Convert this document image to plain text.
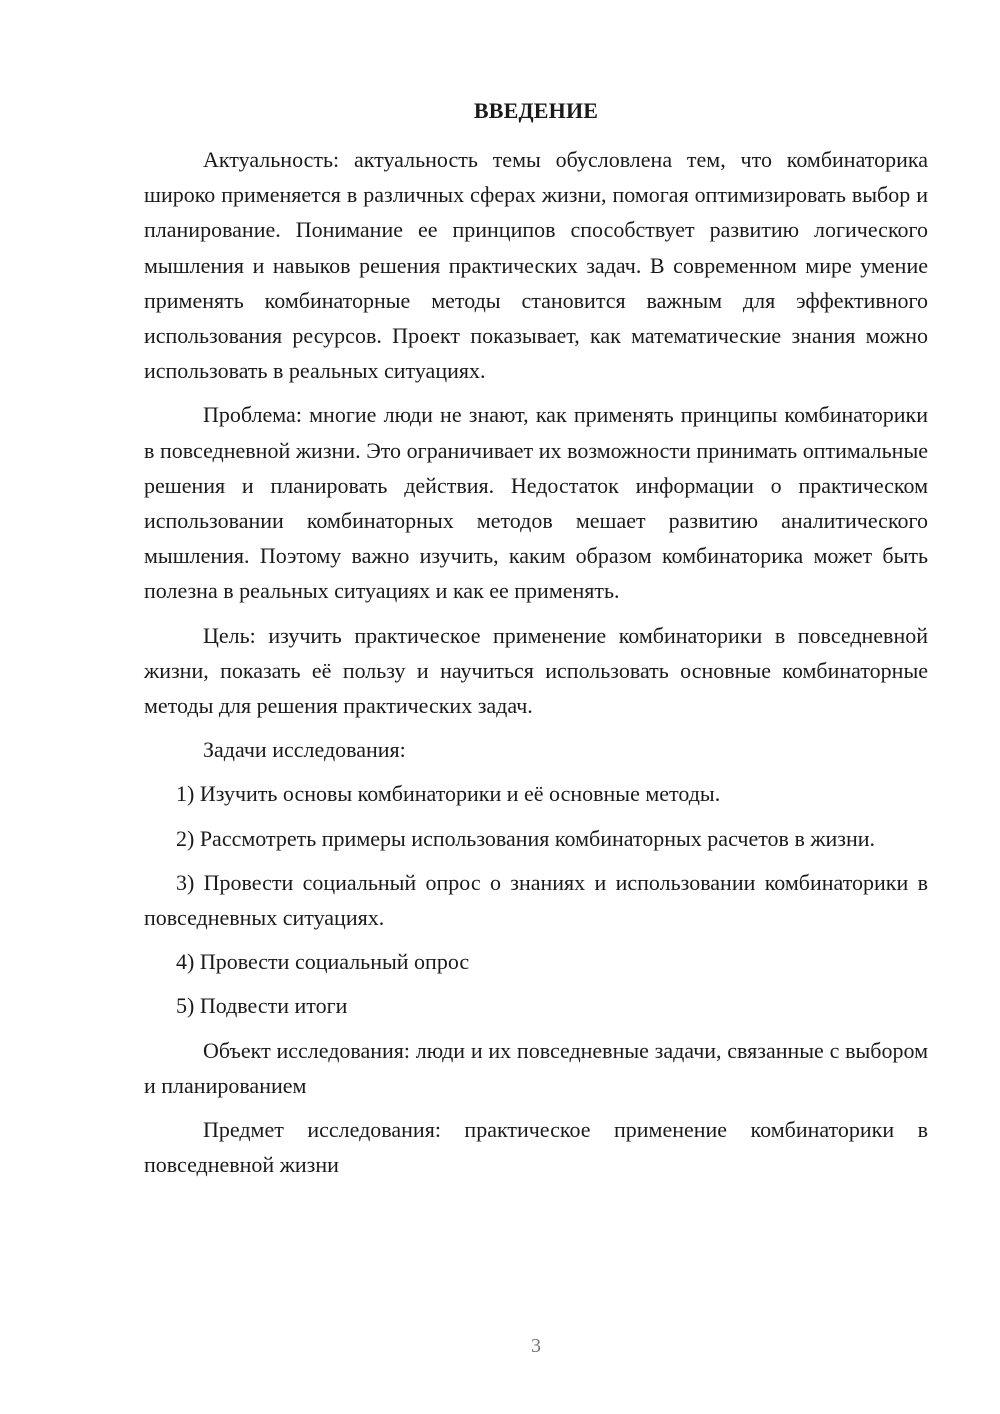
ВВЕДЕНИЕ

Актуальность: актуальность темы обусловлена тем, что комбинаторика широко применяется в различных сферах жизни, помогая оптимизировать выбор и планирование. Понимание ее принципов способствует развитию логического мышления и навыков решения практических задач. В современном мире умение применять комбинаторные методы становится важным для эффективного использования ресурсов. Проект показывает, как математические знания можно использовать в реальных ситуациях.

Проблема: многие люди не знают, как применять принципы комбинаторики в повседневной жизни. Это ограничивает их возможности принимать оптимальные решения и планировать действия. Недостаток информации о практическом использовании комбинаторных методов мешает развитию аналитического мышления. Поэтому важно изучить, каким образом комбинаторика может быть полезна в реальных ситуациях и как ее применять.

Цель: изучить практическое применение комбинаторики в повседневной жизни, показать её пользу и научиться использовать основные комбинаторные методы для решения практических задач.

Задачи исследования:

1) Изучить основы комбинаторики и её основные методы.

2) Рассмотреть примеры использования комбинаторных расчетов в жизни.

3) Провести социальный опрос о знаниях и использовании комбинаторики в повседневных ситуациях.

4) Провести социальный опрос

5) Подвести итоги

Объект исследования: люди и их повседневные задачи, связанные с выбором и планированием

Предмет исследования: практическое применение комбинаторики в повседневной жизни

3
